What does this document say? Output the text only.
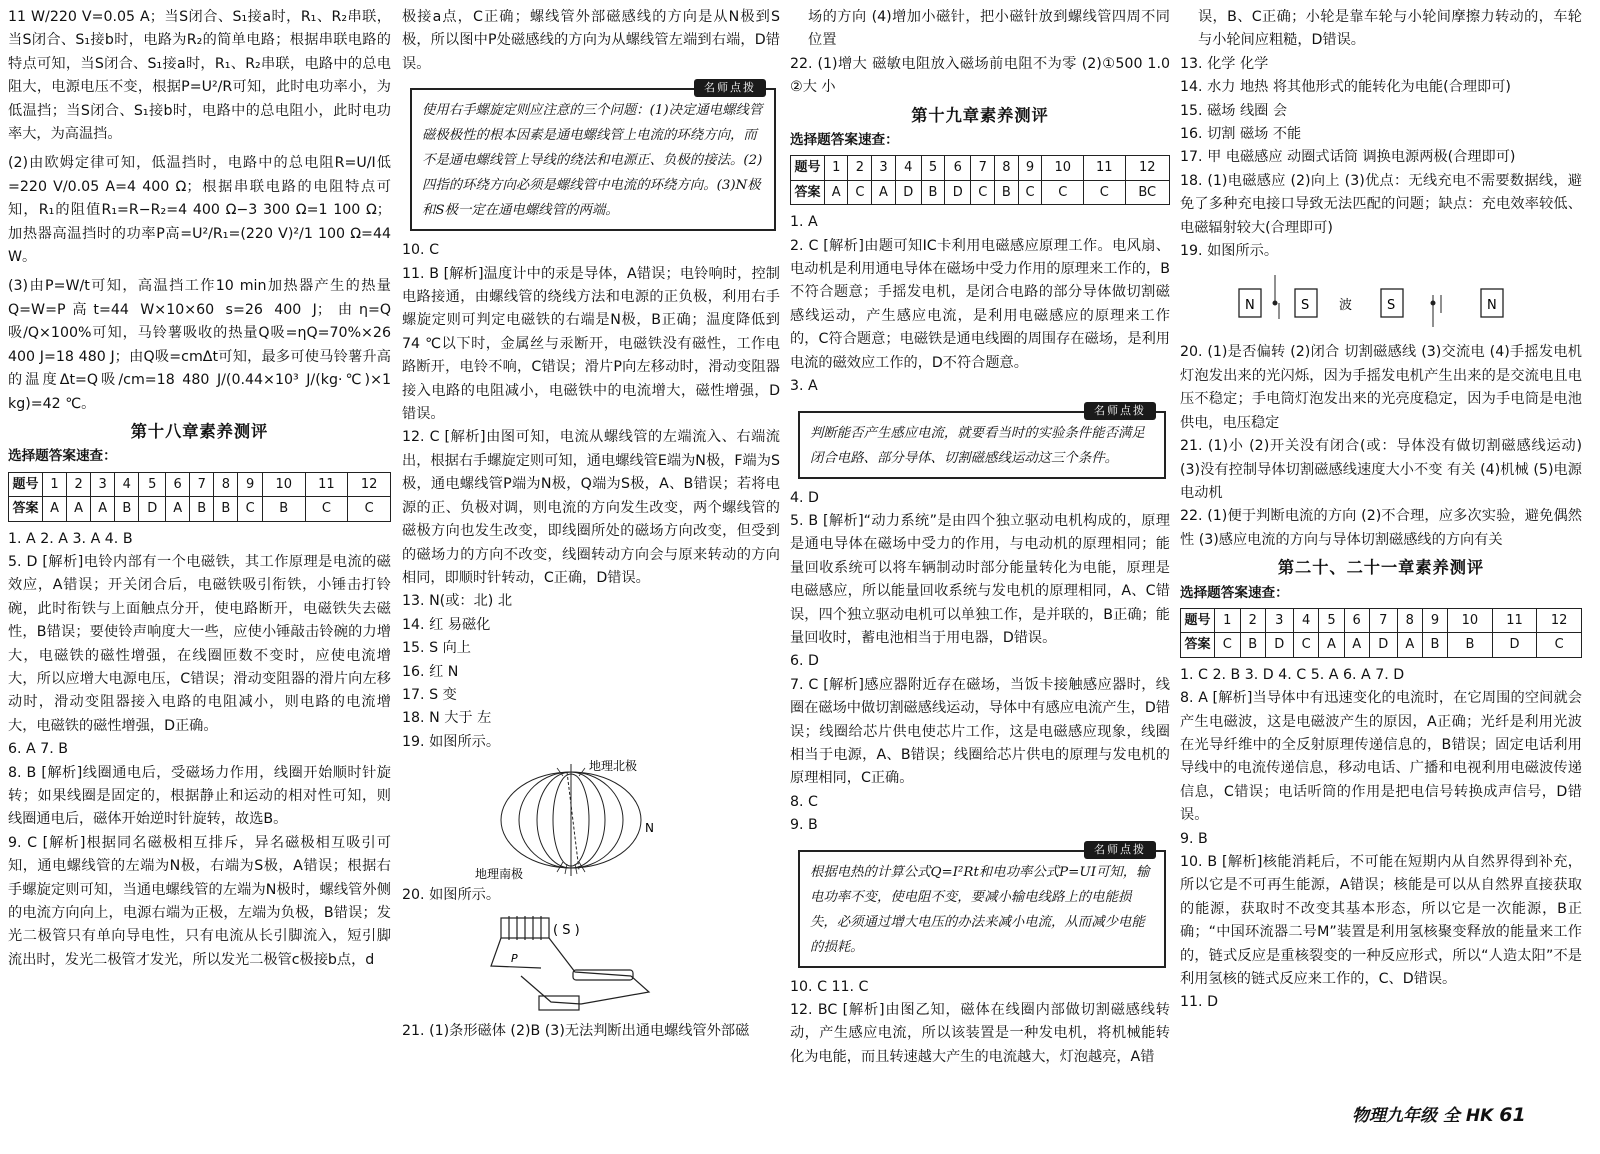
11 W/220 V=0.05 A；当S闭合、S₁接a时，R₁、R₂串联，当S闭合、S₁接b时，电路为R₂的简单电路；根据串联电路的特点可知，当S闭合、S₁接a时，R₁、R₂串联，电路中的总电阻大，电源电压不变，根据P=U²/R可知，此时电功率小，为低温挡；当S闭合、S₁接b时，电路中的总电阻小，此时电功率大，为高温挡。

(2)由欧姆定律可知，低温挡时，电路中的总电阻R=U/I低=220 V/0.05 A=4 400 Ω；根据串联电路的电阻特点可知，R₁的阻值R₁=R−R₂=4 400 Ω−3 300 Ω=1 100 Ω；加热器高温挡时的功率P高=U²/R₁=(220 V)²/1 100 Ω=44 W。

(3)由P=W/t可知，高温挡工作10 min加热器产生的热量Q=W=P高t=44 W×10×60 s=26 400 J；由η=Q吸/Q×100%可知，马铃薯吸收的热量Q吸=ηQ=70%×26 400 J=18 480 J；由Q吸=cmΔt可知，最多可使马铃薯升高的温度Δt=Q吸/cm=18 480 J/(0.44×10³ J/(kg·℃)×1 kg)=42 ℃。

第十八章素养测评
选择题答案速查：
题号	1	2	3	4	5	6	7	8	9	10	11	12
答案	A	A	A	B	D	A	B	B	C	B	C	C

1. A 2. A 3. A 4. B

5. D [解析]电铃内部有一个电磁铁，其工作原理是电流的磁效应，A错误；开关闭合后，电磁铁吸引衔铁，小锤击打铃碗，此时衔铁与上面触点分开，使电路断开，电磁铁失去磁性，B错误；要使铃声响度大一些，应使小锤敲击铃碗的力增大，电磁铁的磁性增强，在线圈匝数不变时，应使电流增大，所以应增大电源电压，C错误；滑动变阻器的滑片向左移动时，滑动变阻器接入电路的电阻减小，则电路的电流增大，电磁铁的磁性增强，D正确。

6. A 7. B

8. B [解析]线圈通电后，受磁场力作用，线圈开始顺时针旋转；如果线圈是固定的，根据静止和运动的相对性可知，则线圈通电后，磁体开始逆时针旋转，故选B。

9. C [解析]根据同名磁极相互排斥，异名磁极相互吸引可知，通电螺线管的左端为N极，右端为S极，A错误；根据右手螺旋定则可知，当通电螺线管的左端为N极时，螺线管外侧的电流方向向上，电源右端为正极，左端为负极，B错误；发光二极管只有单向导电性，只有电流从长引脚流入，短引脚流出时，发光二极管才发光，所以发光二极管c极接b点，d

极接a点，C正确；螺线管外部磁感线的方向是从N极到S极，所以图中P处磁感线的方向为从螺线管左端到右端，D错误。

名师点拨
使用右手螺旋定则应注意的三个问题：(1)决定通电螺线管磁极极性的根本因素是通电螺线管上电流的环绕方向，而不是通电螺线管上导线的绕法和电源正、负极的接法。(2)四指的环绕方向必须是螺线管中电流的环绕方向。(3)N极和S极一定在通电螺线管的两端。

10. C

11. B [解析]温度计中的汞是导体，A错误；电铃响时，控制电路接通，由螺线管的绕线方法和电源的正负极，利用右手螺旋定则可判定电磁铁的右端是N极，B正确；温度降低到74 ℃以下时，金属丝与汞断开，电磁铁没有磁性，工作电路断开，电铃不响，C错误；滑片P向左移动时，滑动变阻器接入电路的电阻减小，电磁铁中的电流增大，磁性增强，D错误。

12. C [解析]由图可知，电流从螺线管的左端流入、右端流出，根据右手螺旋定则可知，通电螺线管E端为N极，F端为S极，通电螺线管P端为N极，Q端为S极，A、B错误；若将电源的正、负极对调，则电流的方向发生改变，两个螺线管的磁极方向也发生改变，即线圈所处的磁场方向改变，但受到的磁场力的方向不改变，线圈转动方向会与原来转动的方向相同，即顺时针转动，C正确，D错误。

13. N(或：北) 北

14. 红 易磁化

15. S 向上

16. 红 N

17. S 变

18. N 大于 左

19. 如图所示。

地理北极
地理南极
N

20. 如图所示。

( S )
P

21. (1)条形磁体 (2)B (3)无法判断出通电螺线管外部磁

场的方向 (4)增加小磁针，把小磁针放到螺线管四周不同位置

22. (1)增大 磁敏电阻放入磁场前电阻不为零 (2)①500 1.0 ②大 小

第十九章素养测评
选择题答案速查：
题号	1	2	3	4	5	6	7	8	9	10	11	12
答案	A	C	A	D	B	D	C	B	C	C	C	BC

1. A

2. C [解析]由题可知IC卡利用电磁感应原理工作。电风扇、电动机是利用通电导体在磁场中受力作用的原理来工作的，B不符合题意；手摇发电机，是闭合电路的部分导体做切割磁感线运动，产生感应电流，是利用电磁感应的原理来工作的，C符合题意；电磁铁是通电线圈的周围存在磁场，是利用电流的磁效应工作的，D不符合题意。

3. A

名师点拨
判断能否产生感应电流，就要看当时的实验条件能否满足闭合电路、部分导体、切割磁感线运动这三个条件。

4. D

5. B [解析]“动力系统”是由四个独立驱动电机构成的，原理是通电导体在磁场中受力的作用，与电动机的原理相同；能量回收系统可以将车辆制动时部分能量转化为电能，原理是电磁感应，所以能量回收系统与发电机的原理相同，A、C错误，四个独立驱动电机可以单独工作，是并联的，B正确；能量回收时，蓄电池相当于用电器，D错误。

6. D

7. C [解析]感应器附近存在磁场，当饭卡接触感应器时，线圈在磁场中做切割磁感线运动，导体中有感应电流产生，D错误；线圈给芯片供电使芯片工作，这是电磁感应现象，线圈相当于电源，A、B错误；线圈给芯片供电的原理与发电机的原理相同，C正确。

8. C

9. B

名师点拨
根据电热的计算公式Q=I²Rt和电功率公式P=UI可知，输电功率不变，使电阻不变，要减小输电线路上的电能损失，必须通过增大电压的办法来减小电流，从而减少电能的损耗。

10. C 11. C

12. BC [解析]由图乙知，磁体在线圈内部做切割磁感线转动，产生感应电流，所以该装置是一种发电机，将机械能转化为电能，而且转速越大产生的电流越大，灯泡越亮，A错

误，B、C正确；小轮是靠车轮与小轮间摩擦力转动的，车轮与小轮间应粗糙，D错误。

13. 化学 化学

14. 水力 地热 将其他形式的能转化为电能(合理即可)

15. 磁场 线圈 会

16. 切割 磁场 不能

17. 甲 电磁感应 动圈式话筒 调换电源两极(合理即可)

18. (1)电磁感应 (2)向上 (3)优点：无线充电不需要数据线，避免了多种充电接口导致无法匹配的问题；缺点：充电效率较低、电磁辐射较大(合理即可)

19. 如图所示。

N	S	S	N
波

20. (1)是否偏转 (2)闭合 切割磁感线 (3)交流电 (4)手摇发电机灯泡发出来的光闪烁，因为手摇发电机产生出来的是交流电且电压不稳定；手电筒灯泡发出来的光亮度稳定，因为手电筒是电池供电，电压稳定

21. (1)小 (2)开关没有闭合(或：导体没有做切割磁感线运动) (3)没有控制导体切割磁感线速度大小不变 有关 (4)机械 (5)电源 电动机

22. (1)便于判断电流的方向 (2)不合理，应多次实验，避免偶然性 (3)感应电流的方向与导体切割磁感线的方向有关

第二十、二十一章素养测评
选择题答案速查：
题号	1	2	3	4	5	6	7	8	9	10	11	12
答案	C	B	D	C	A	A	D	A	B	B	D	C

1. C 2. B 3. D 4. C 5. A 6. A 7. D

8. A [解析]当导体中有迅速变化的电流时，在它周围的空间就会产生电磁波，这是电磁波产生的原因，A正确；光纤是利用光波在光导纤维中的全反射原理传递信息的，B错误；固定电话利用导线中的电流传递信息，移动电话、广播和电视利用电磁波传递信息，C错误；电话听筒的作用是把电信号转换成声信号，D错误。

9. B

10. B [解析]核能消耗后，不可能在短期内从自然界得到补充，所以它是不可再生能源，A错误；核能是可以从自然界直接获取的能源，获取时不改变其基本形态，所以它是一次能源，B正确；“中国环流器二号M”装置是利用氢核聚变释放的能量来工作的，链式反应是重核裂变的一种反应形式，所以“人造太阳”不是利用氢核的链式反应来工作的，C、D错误。

11. D

物理九年级 全 HK 61
